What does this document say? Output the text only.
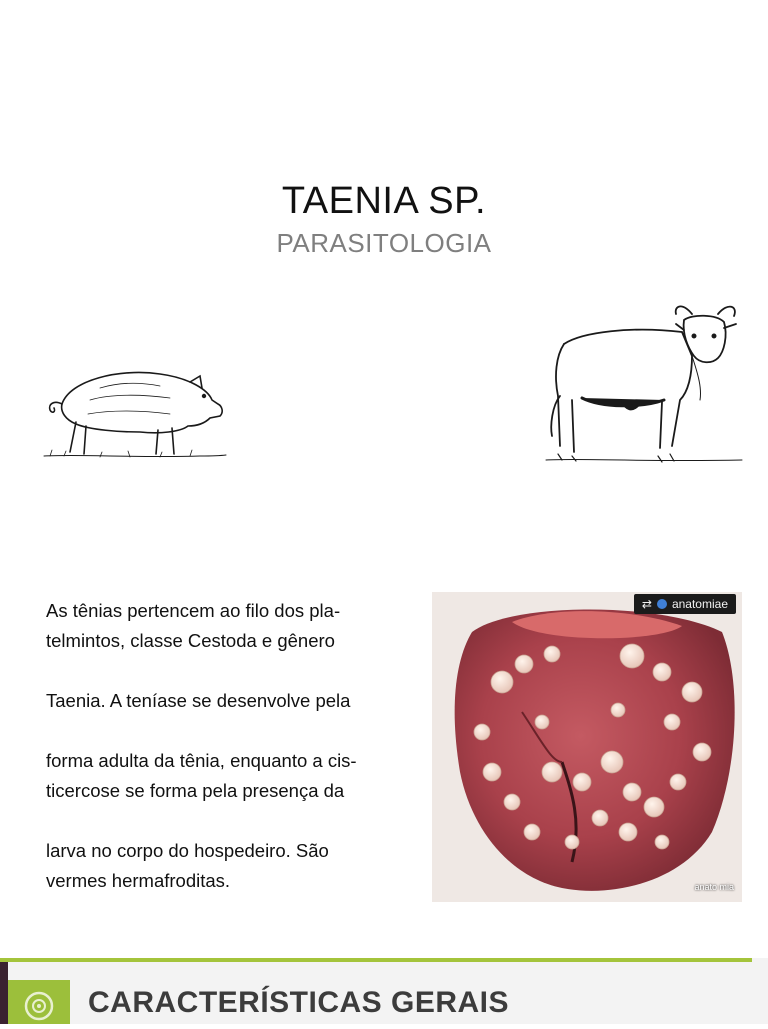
TAENIA SP.
PARASITOLOGIA

As tênias pertencem ao filo dos pla-

telmintos, classe Cestoda e gênero

Taenia. A teníase se desenvolve pela

forma adulta da tênia, enquanto a cis-

ticercose se forma pela presença da

larva no corpo do hospedeiro. São

vermes hermafroditas.

⇄ anatomiae
anato mia
CARACTERÍSTICAS GERAIS
